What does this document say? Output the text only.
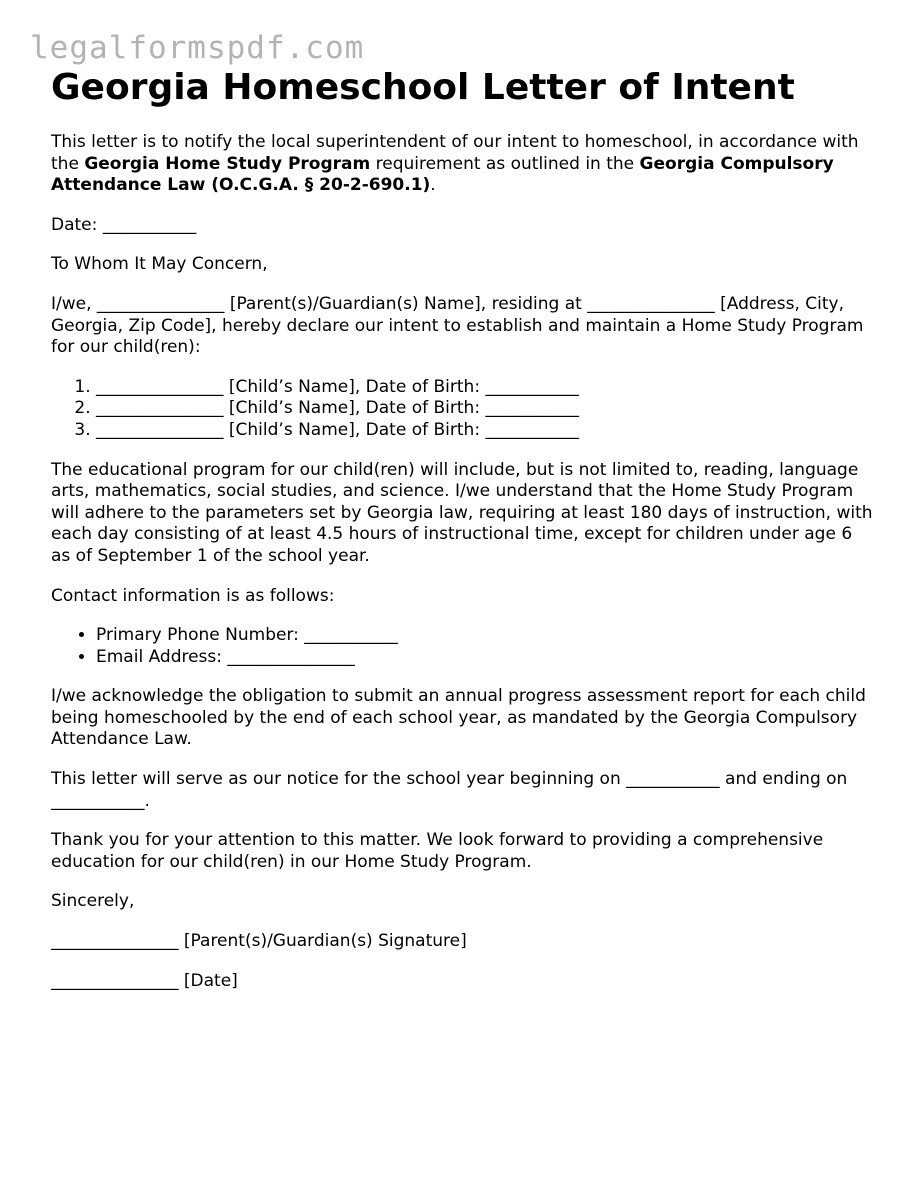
legalformspdf.com
Georgia Homeschool Letter of Intent

This letter is to notify the local superintendent of our intent to homeschool, in accordance with the Georgia Home Study Program requirement as outlined in the Georgia Compulsory Attendance Law (O.C.G.A. § 20-2-690.1).

Date: ___________

To Whom It May Concern,

I/we, _______________ [Parent(s)/Guardian(s) Name], residing at _______________ [Address, City, Georgia, Zip Code], hereby declare our intent to establish and maintain a Home Study Program for our child(ren):

1. _______________ [Child’s Name], Date of Birth: ___________
2. _______________ [Child’s Name], Date of Birth: ___________
3. _______________ [Child’s Name], Date of Birth: ___________

The educational program for our child(ren) will include, but is not limited to, reading, language arts, mathematics, social studies, and science. I/we understand that the Home Study Program will adhere to the parameters set by Georgia law, requiring at least 180 days of instruction, with each day consisting of at least 4.5 hours of instructional time, except for children under age 6 as of September 1 of the school year.

Contact information is as follows:

• Primary Phone Number: ___________
• Email Address: _______________

I/we acknowledge the obligation to submit an annual progress assessment report for each child being homeschooled by the end of each school year, as mandated by the Georgia Compulsory Attendance Law.

This letter will serve as our notice for the school year beginning on ___________ and ending on ___________.

Thank you for your attention to this matter. We look forward to providing a comprehensive education for our child(ren) in our Home Study Program.

Sincerely,

_______________ [Parent(s)/Guardian(s) Signature]

_______________ [Date]
